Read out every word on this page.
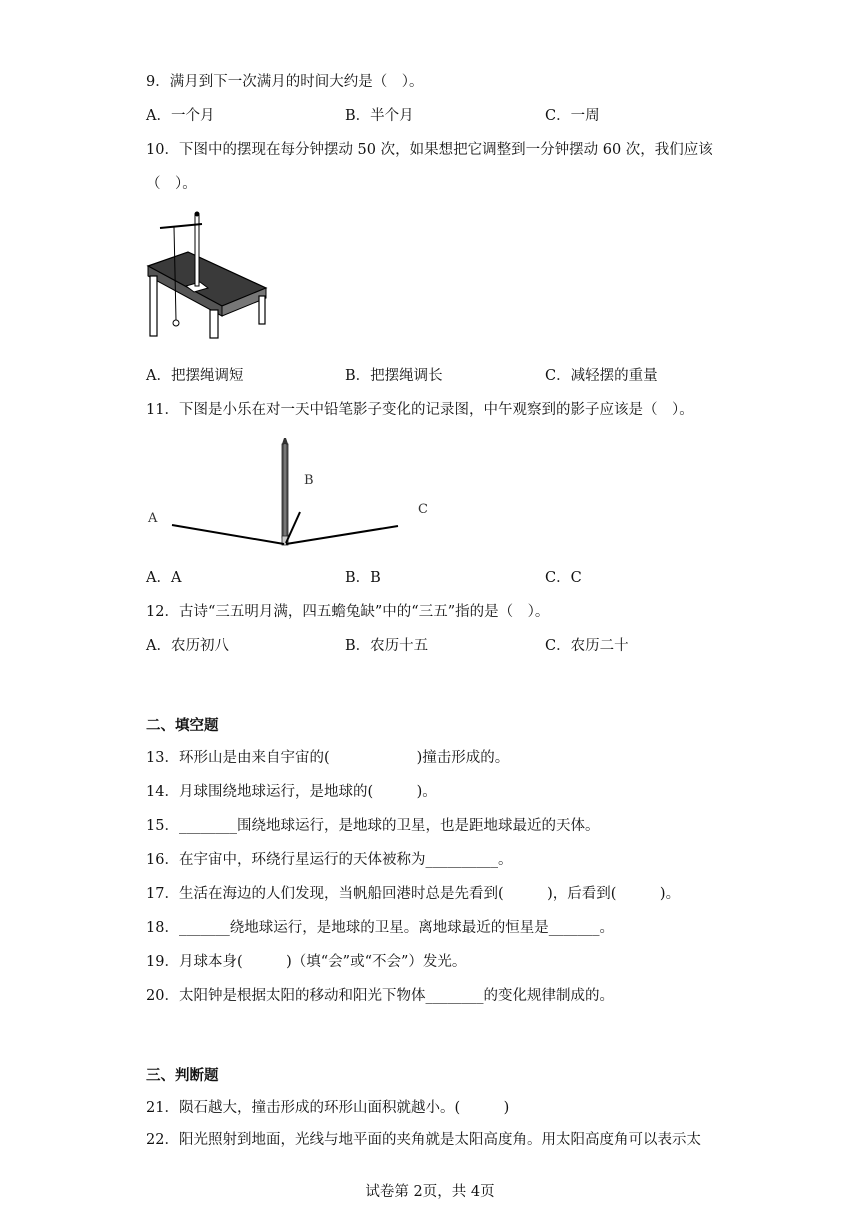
9．满月到下一次满月的时间大约是（　）。
A．一个月	B．半个月	C．一周
10．下图中的摆现在每分钟摆动 50 次，如果想把它调整到一分钟摆动 60 次，我们应该
（　）。
A．把摆绳调短	B．把摆绳调长	C．减轻摆的重量
11．下图是小乐在对一天中铅笔影子变化的记录图，中午观察到的影子应该是（　）。
A
B
C
A．A	B．B	C．C
12．古诗“三五明月满，四五蟾兔缺”中的“三五”指的是（　）。
A．农历初八	B．农历十五	C．农历二十
二、填空题
13．环形山是由来自宇宙的(　　　　　　)撞击形成的。
14．月球围绕地球运行，是地球的(　　　)。
15．________围绕地球运行，是地球的卫星，也是距地球最近的天体。
16．在宇宙中，环绕行星运行的天体被称为__________。
17．生活在海边的人们发现，当帆船回港时总是先看到(　　　)，后看到(　　　)。
18．_______绕地球运行，是地球的卫星。离地球最近的恒星是_______。
19．月球本身(　　　)（填“会”或“不会”）发光。
20．太阳钟是根据太阳的移动和阳光下物体________的变化规律制成的。
三、判断题
21．陨石越大，撞击形成的环形山面积就越小。(　　　)
22．阳光照射到地面，光线与地平面的夹角就是太阳高度角。用太阳高度角可以表示太
试卷第 2页，共 4页
